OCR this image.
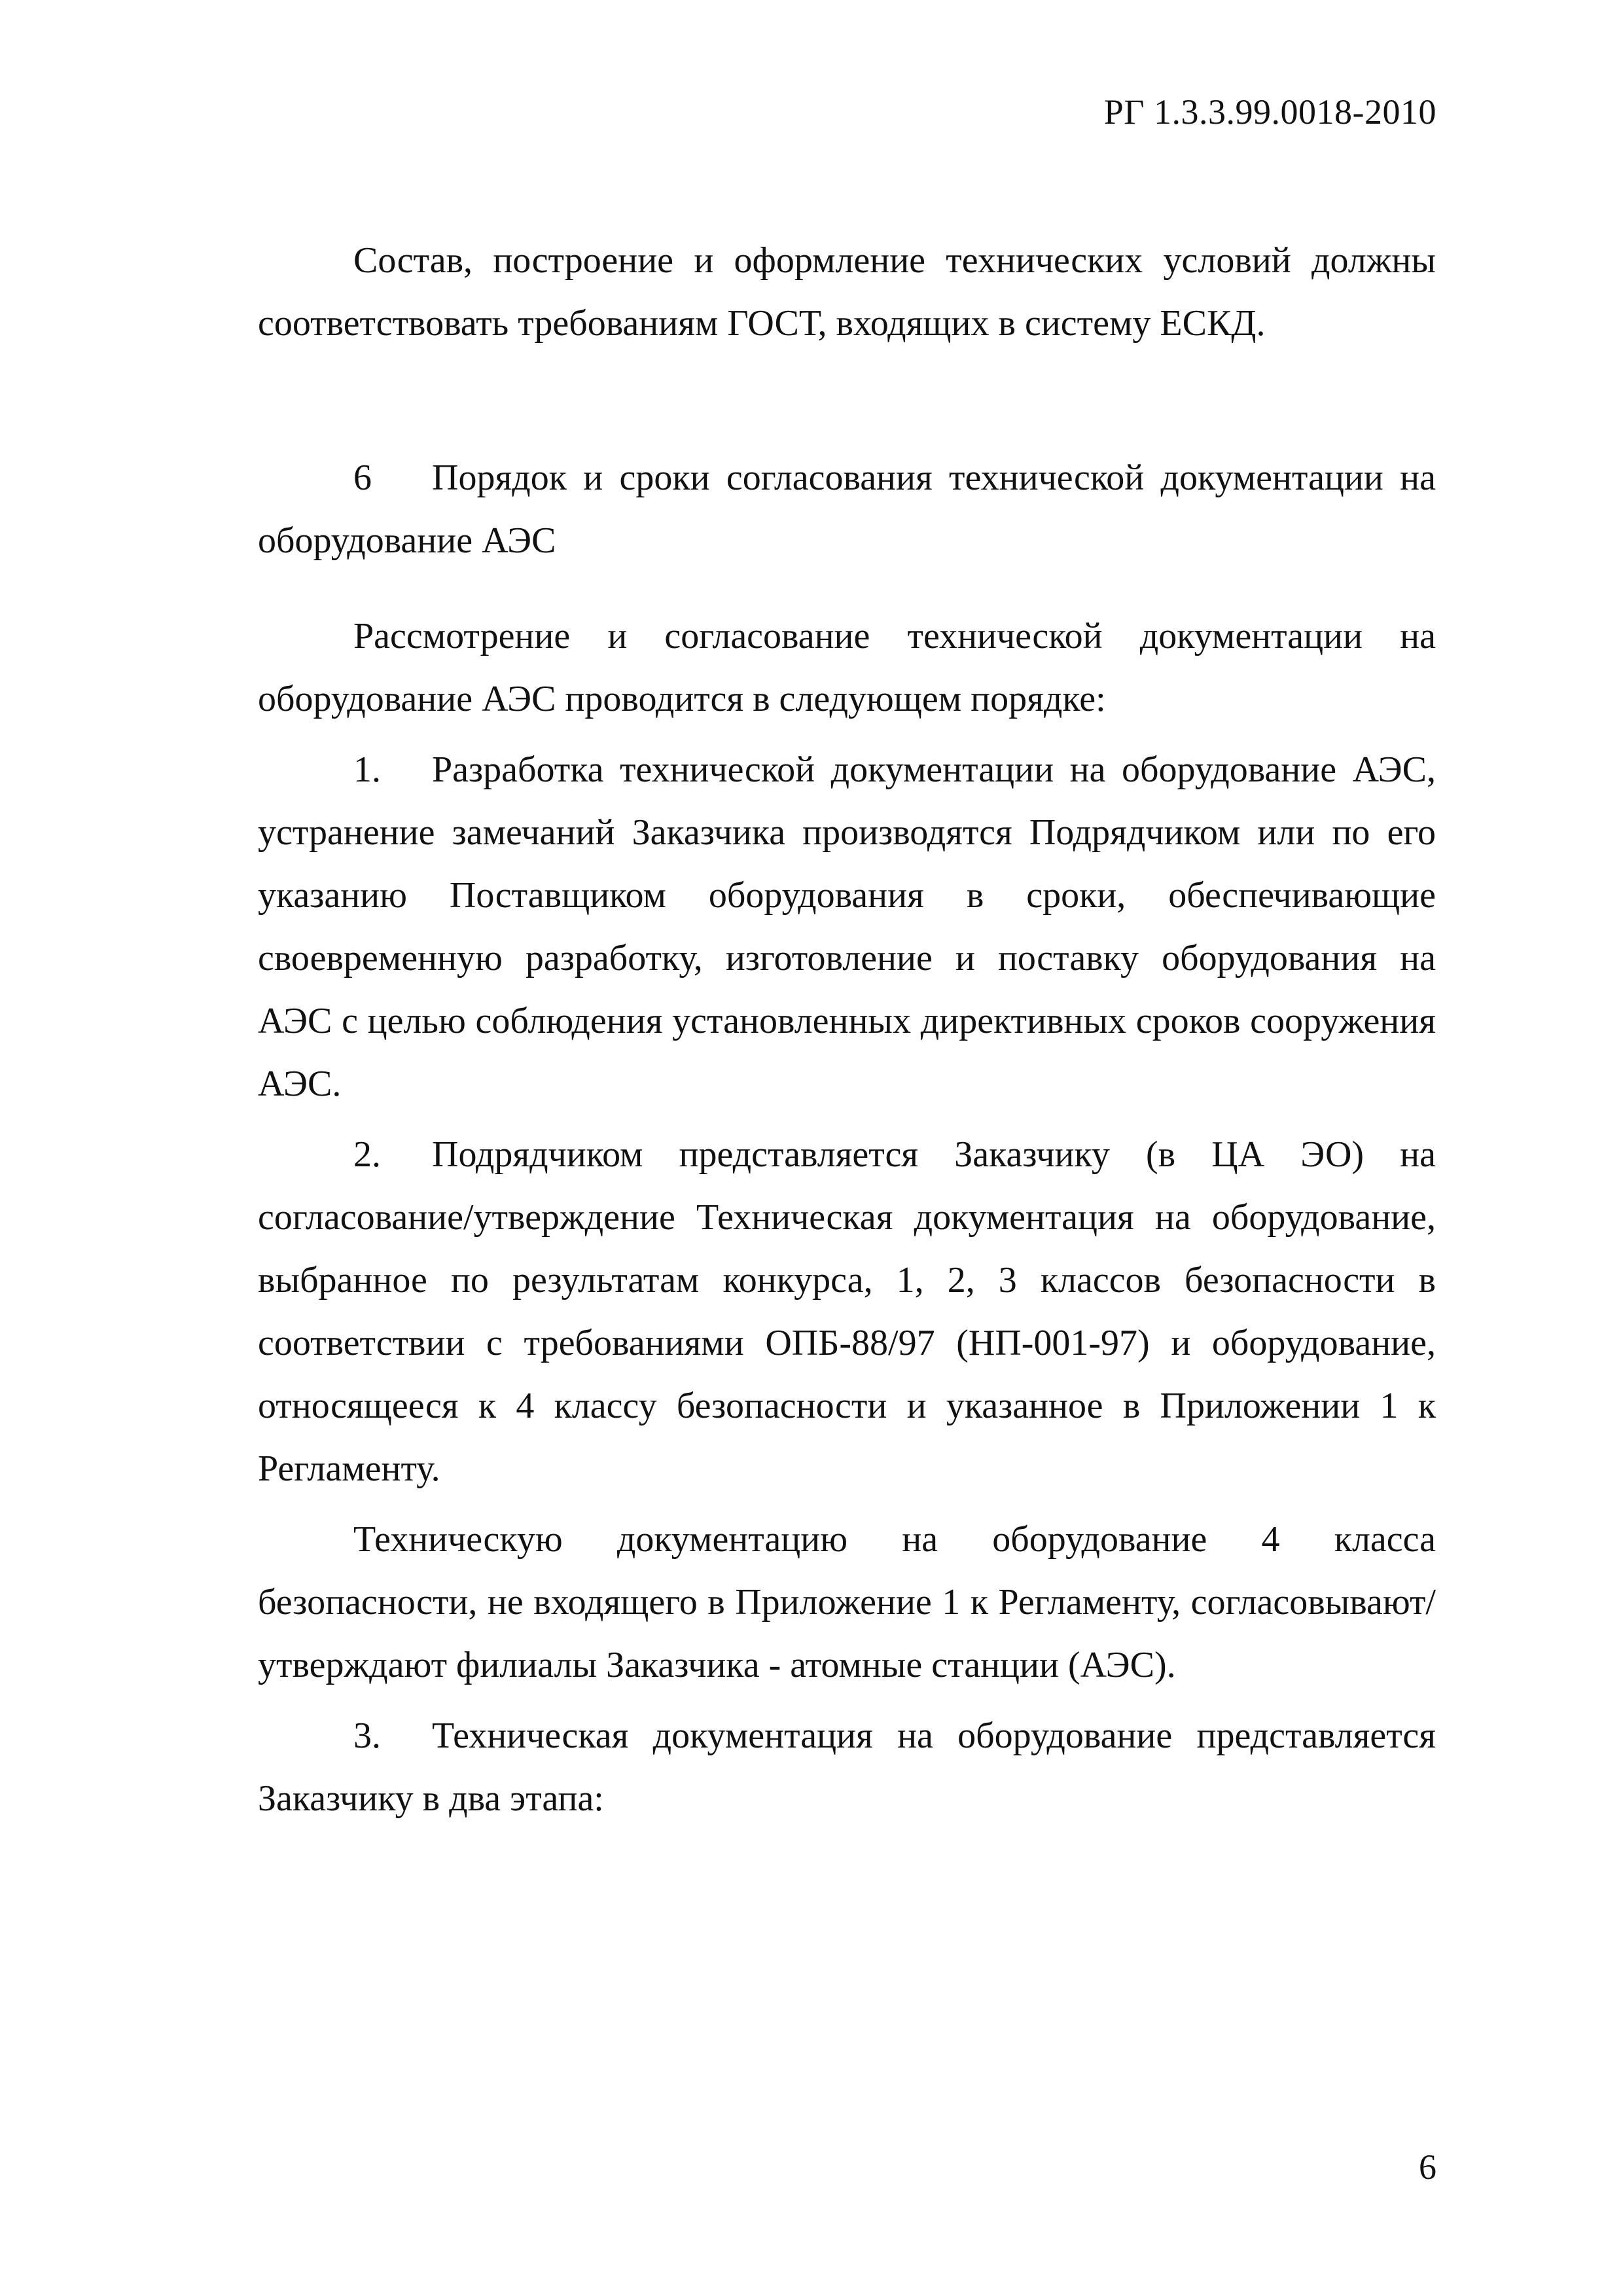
РГ 1.3.3.99.0018-2010

Состав, построение и оформление технических условий должны соответствовать требованиям ГОСТ, входящих в систему ЕСКД.

6 Порядок и сроки согласования технической документации на оборудование АЭС

Рассмотрение и согласование технической документации на оборудование АЭС проводится в следующем порядке:

1. Разработка технической документации на оборудование АЭС, устранение замечаний Заказчика производятся Подрядчиком или по его указанию Поставщиком оборудования в сроки, обеспечивающие своевременную разработку, изготовление и поставку оборудования на АЭС с целью соблюдения установленных директивных сроков сооружения АЭС.

2. Подрядчиком представляется Заказчику (в ЦА ЭО) на согласование/утверждение Техническая документация на оборудование, выбранное по результатам конкурса, 1, 2, 3 классов безопасности в соответствии с требованиями ОПБ-88/97 (НП-001-97) и оборудование, относящееся к 4 классу безопасности и указанное в Приложении 1 к Регламенту.

Техническую документацию на оборудование 4 класса безопасности, не входящего в Приложение 1 к Регламенту, согласовывают/утверждают филиалы Заказчика - атомные станции (АЭС).

3. Техническая документация на оборудование представляется Заказчику в два этапа:

6
